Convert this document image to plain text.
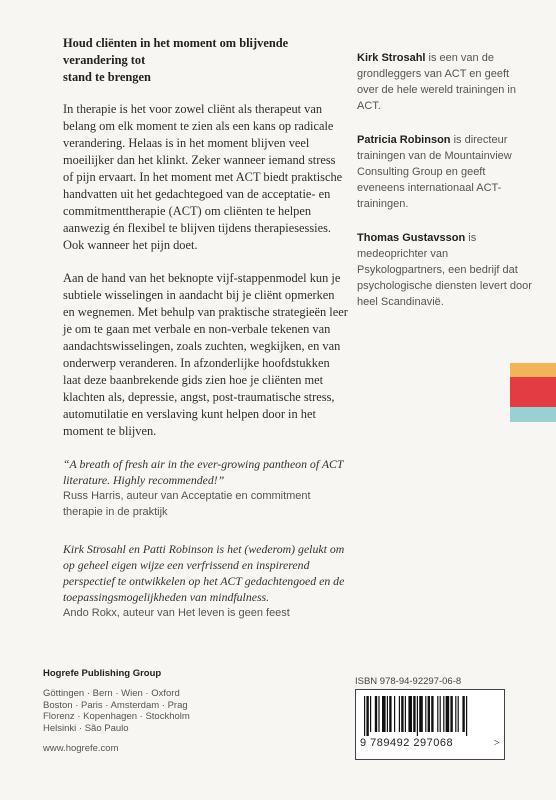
Houd cliënten in het moment om blijvende verandering tot
stand te brengen

In therapie is het voor zowel cliënt als therapeut van belang om elk moment te zien als een kans op radicale verandering. Helaas is in het moment blijven veel moeilijker dan het klinkt. Zeker wanneer iemand stress of pijn ervaart. In het moment met ACT biedt praktische handvatten uit het gedachtegoed van de acceptatie- en commitmenttherapie (ACT) om cliënten te helpen aanwezig én flexibel te blijven tijdens therapiesessies. Ook wanneer het pijn doet.

Aan de hand van het beknopte vijf-stappenmodel kun je subtiele wisselingen in aandacht bij je cliënt opmerken en wegnemen. Met behulp van praktische strategieën leer je om te gaan met verbale en non-verbale tekenen van aandachtswisselingen, zoals zuchten, wegkijken, en van onderwerp veranderen. In afzonderlijke hoofdstukken laat deze baanbrekende gids zien hoe je cliënten met klachten als, depressie, angst, post-traumatische stress, automutilatie en verslaving kunt helpen door in het moment te blijven.

“A breath of fresh air in the ever-growing pantheon of ACT literature. Highly recommended!”

Russ Harris, auteur van Acceptatie en commitment therapie in de praktijk

Kirk Strosahl en Patti Robinson is het (wederom) gelukt om op geheel eigen wijze een verfrissend en inspirerend perspectief te ontwikkelen op het ACT gedachtengoed en de toepassingsmogelijkheden van mindfulness.

Ando Rokx, auteur van Het leven is geen feest

Kirk Strosahl is een van de grondleggers van ACT en geeft over de hele wereld trainingen in ACT.

Patricia Robinson is directeur trainingen van de Mountainview Consulting Group en geeft eveneens internationaal ACT-trainingen.

Thomas Gustavsson is medeoprichter van Psykologpartners, een bedrijf dat psychologische diensten levert door heel Scandinavië.

Hogrefe Publishing Group

Göttingen · Bern · Wien · Oxford
Boston · Paris · Amsterdam · Prag
Florenz · Kopenhagen · Stockholm
Helsinki · São Paulo
www.hogrefe.com
ISBN 978-94-92297-06-8
9 789492 297068	>
